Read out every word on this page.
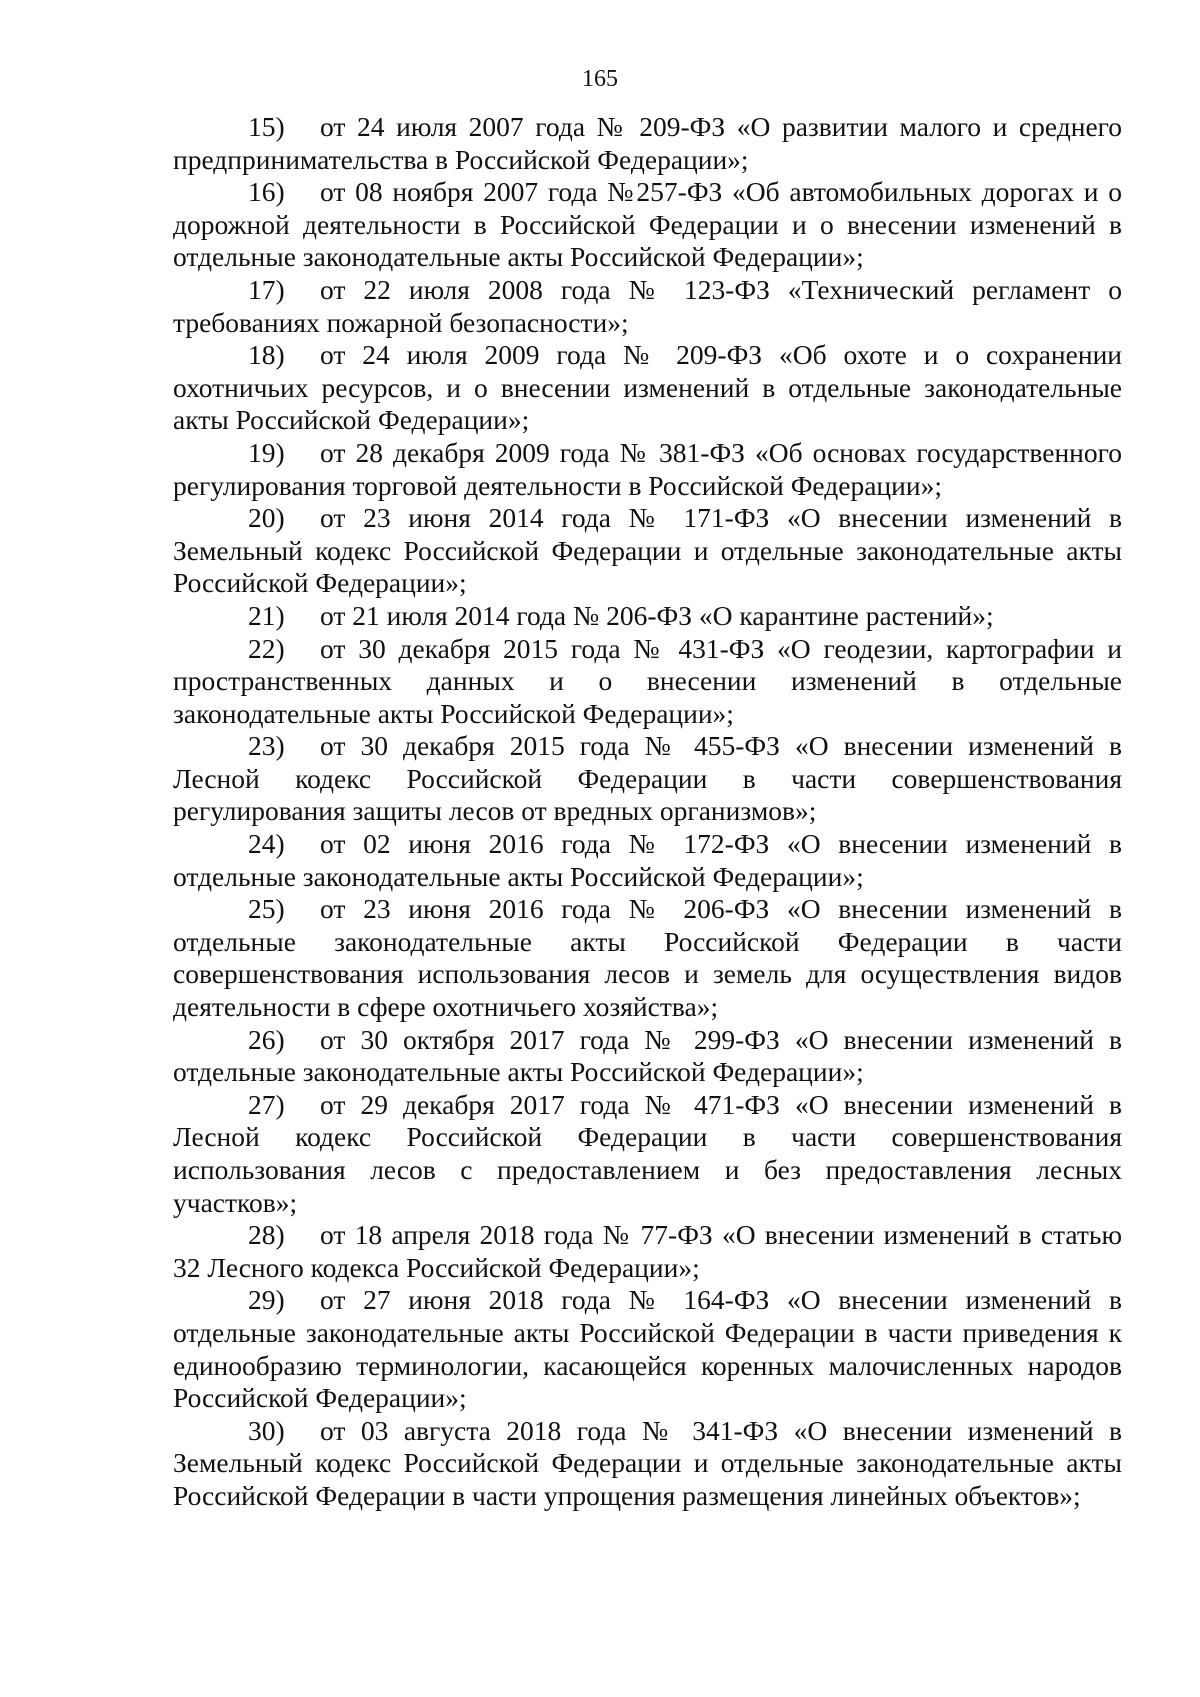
165

15) от 24 июля 2007 года № 209-ФЗ «О развитии малого и среднего предпринимательства в Российской Федерации»;

16) от 08 ноября 2007 года №257-ФЗ «Об автомобильных дорогах и о дорожной деятельности в Российской Федерации и о внесении изменений в отдельные законодательные акты Российской Федерации»;

17) от 22 июля 2008 года № 123-ФЗ «Технический регламент о требованиях пожарной безопасности»;

18) от 24 июля 2009 года № 209-ФЗ «Об охоте и о сохранении охотничьих ресурсов, и о внесении изменений в отдельные законодательные акты Российской Федерации»;

19) от 28 декабря 2009 года № 381-ФЗ «Об основах государственного регулирования торговой деятельности в Российской Федерации»;

20) от 23 июня 2014 года № 171-ФЗ «О внесении изменений в Земельный кодекс Российской Федерации и отдельные законодательные акты Российской Федерации»;

21) от 21 июля 2014 года № 206-ФЗ «О карантине растений»;

22) от 30 декабря 2015 года № 431-ФЗ «О геодезии, картографии и пространственных данных и о внесении изменений в отдельные законодательные акты Российской Федерации»;

23) от 30 декабря 2015 года № 455-ФЗ «О внесении изменений в Лесной кодекс Российской Федерации в части совершенствования регулирования защиты лесов от вредных организмов»;

24) от 02 июня 2016 года № 172-ФЗ «О внесении изменений в отдельные законодательные акты Российской Федерации»;

25) от 23 июня 2016 года № 206-ФЗ «О внесении изменений в отдельные законодательные акты Российской Федерации в части совершенствования использования лесов и земель для осуществления видов деятельности в сфере охотничьего хозяйства»;

26) от 30 октября 2017 года № 299-ФЗ «О внесении изменений в отдельные законодательные акты Российской Федерации»;

27) от 29 декабря 2017 года № 471-ФЗ «О внесении изменений в Лесной кодекс Российской Федерации в части совершенствования использования лесов с предоставлением и без предоставления лесных участков»;

28) от 18 апреля 2018 года № 77-ФЗ «О внесении изменений в статью 32 Лесного кодекса Российской Федерации»;

29) от 27 июня 2018 года № 164-ФЗ «О внесении изменений в отдельные законодательные акты Российской Федерации в части приведения к единообразию терминологии, касающейся коренных малочисленных народов Российской Федерации»;

30) от 03 августа 2018 года № 341-ФЗ «О внесении изменений в Земельный кодекс Российской Федерации и отдельные законодательные акты Российской Федерации в части упрощения размещения линейных объектов»;
